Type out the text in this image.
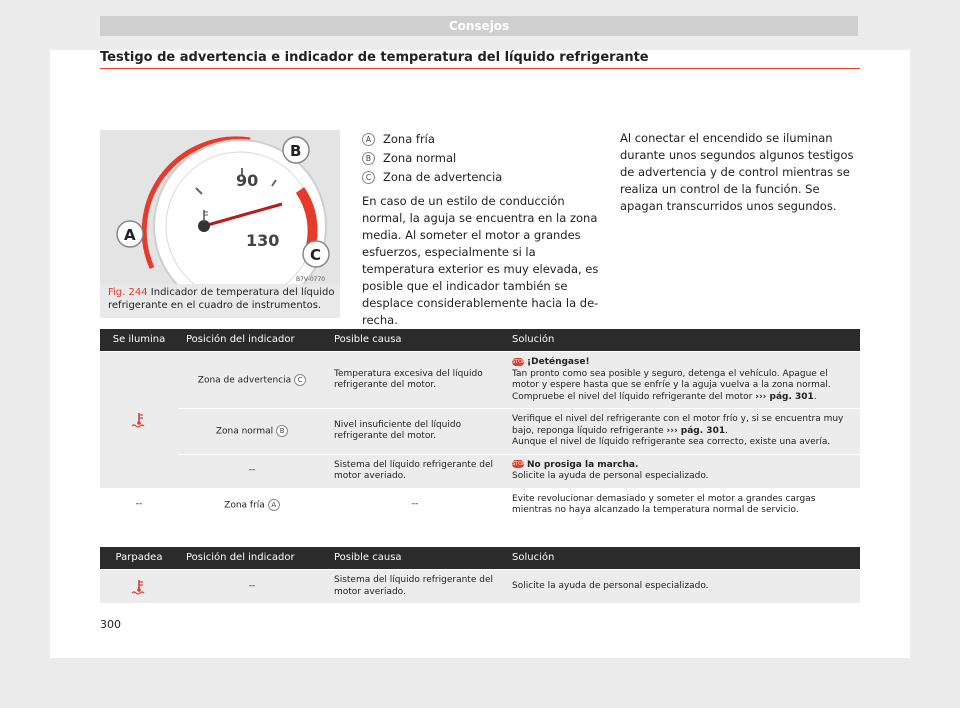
Consejos
Testigo de advertencia e indicador de temperatura del líquido refrigerante
90
130
A
B
C
B7V-0770
Fig. 244 Indicador de temperatura del líquido refrigerante en el cuadro de instrumentos.
A	Zona fría
B	Zona normal
C	Zona de advertencia
En caso de un estilo de conducción normal, la aguja se encuentra en la zona media. Al someter el motor a grandes esfuerzos, especialmente si la temperatura exterior es muy elevada, es posible que el indicador también se desplace considerablemente hacia la derecha.
Al conectar el encendido se iluminan durante unos segundos algunos testigos de advertencia y de control mientras se realiza un control de la función. Se apagan transcurridos unos segundos.
Se ilumina	Posición del indicador	Posible causa	Solución
	Zona de advertencia C	Temperatura excesiva del líquido refrigerante del motor.	STOP ¡Deténgase!
Tan pronto como sea posible y seguro, detenga el vehículo. Apague el motor y espere hasta que se enfríe y la aguja vuelva a la zona normal. Compruebe el nivel del líquido refrigerante del motor ››› pág. 301.
	Zona normal B	Nivel insuficiente del líquido refrigerante del motor.	Verifique el nivel del refrigerante con el motor frío y, si se encuentra muy bajo, reponga líquido refrigerante ››› pág. 301.
Aunque el nivel de líquido refrigerante sea correcto, existe una avería.
	--	Sistema del líquido refrigerante del motor averiado.	STOP No prosiga la marcha.
Solicite la ayuda de personal especializado.
--	Zona fría A	--	Evite revolucionar demasiado y someter el motor a grandes cargas mientras no haya alcanzado la temperatura normal de servicio.
Parpadea	Posición del indicador	Posible causa	Solución
	--	Sistema del líquido refrigerante del motor averiado.	Solicite la ayuda de personal especializado.
300
